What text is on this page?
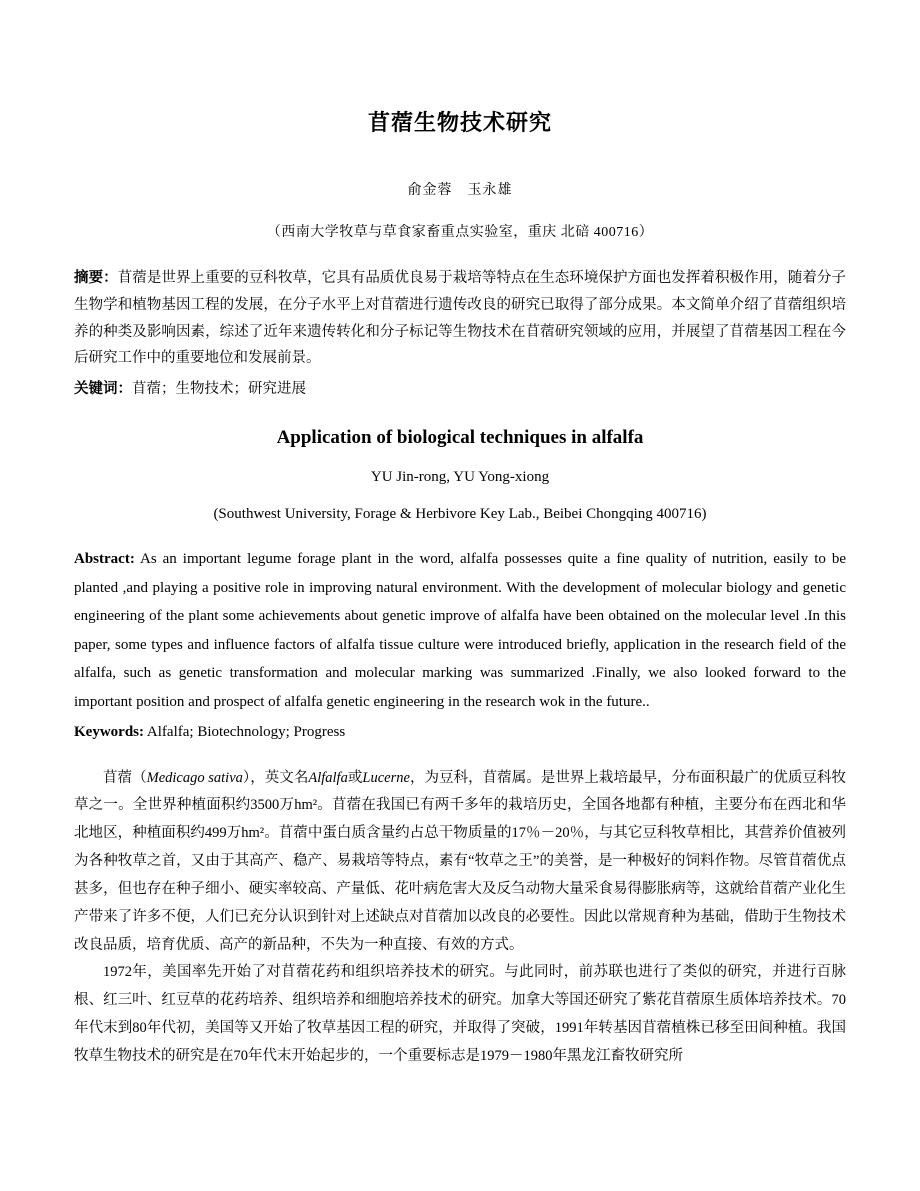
苜蓿生物技术研究
俞金蓉　玉永雄
（西南大学牧草与草食家畜重点实验室，重庆 北碚 400716）
摘要：苜蓿是世界上重要的豆科牧草，它具有品质优良易于栽培等特点在生态环境保护方面也发挥着积极作用，随着分子生物学和植物基因工程的发展，在分子水平上对苜蓿进行遗传改良的研究已取得了部分成果。本文简单介绍了苜蓿组织培养的种类及影响因素，综述了近年来遗传转化和分子标记等生物技术在苜蓿研究领域的应用，并展望了苜蓿基因工程在今后研究工作中的重要地位和发展前景。
关键词：苜蓿；生物技术；研究进展
Application of biological techniques in alfalfa
YU Jin-rong, YU Yong-xiong
(Southwest University, Forage & Herbivore Key Lab., Beibei Chongqing 400716)
Abstract: As an important legume forage plant in the word, alfalfa possesses quite a fine quality of nutrition, easily to be planted ,and playing a positive role in improving natural environment. With the development of molecular biology and genetic engineering of the plant some achievements about genetic improve of alfalfa have been obtained on the molecular level .In this paper, some types and influence factors of alfalfa tissue culture were introduced briefly, application in the research field of the alfalfa, such as genetic transformation and molecular marking was summarized .Finally, we also looked forward to the important position and prospect of alfalfa genetic engineering in the research wok in the future..
Keywords: Alfalfa; Biotechnology; Progress

苜蓿（Medicago sativa），英文名Alfalfa或Lucerne，为豆科，苜蓿属。是世界上栽培最早，分布面积最广的优质豆科牧草之一。全世界种植面积约3500万hm²。苜蓿在我国已有两千多年的栽培历史，全国各地都有种植，主要分布在西北和华北地区，种植面积约499万hm²。苜蓿中蛋白质含量约占总干物质量的17％－20％，与其它豆科牧草相比，其营养价值被列为各种牧草之首，又由于其高产、稳产、易栽培等特点，素有“牧草之王”的美誉，是一种极好的饲料作物。尽管苜蓿优点甚多，但也存在种子细小、硬实率较高、产量低、花叶病危害大及反刍动物大量采食易得膨胀病等，这就给苜蓿产业化生产带来了许多不便，人们已充分认识到针对上述缺点对苜蓿加以改良的必要性。因此以常规育种为基础，借助于生物技术改良品质，培育优质、高产的新品种，不失为一种直接、有效的方式。

1972年，美国率先开始了对苜蓿花药和组织培养技术的研究。与此同时，前苏联也进行了类似的研究，并进行百脉根、红三叶、红豆草的花药培养、组织培养和细胞培养技术的研究。加拿大等国还研究了紫花苜蓿原生质体培养技术。70年代末到80年代初，美国等又开始了牧草基因工程的研究，并取得了突破，1991年转基因苜蓿植株已移至田间种植。我国牧草生物技术的研究是在70年代末开始起步的，一个重要标志是1979－1980年黑龙江畜牧研究所
